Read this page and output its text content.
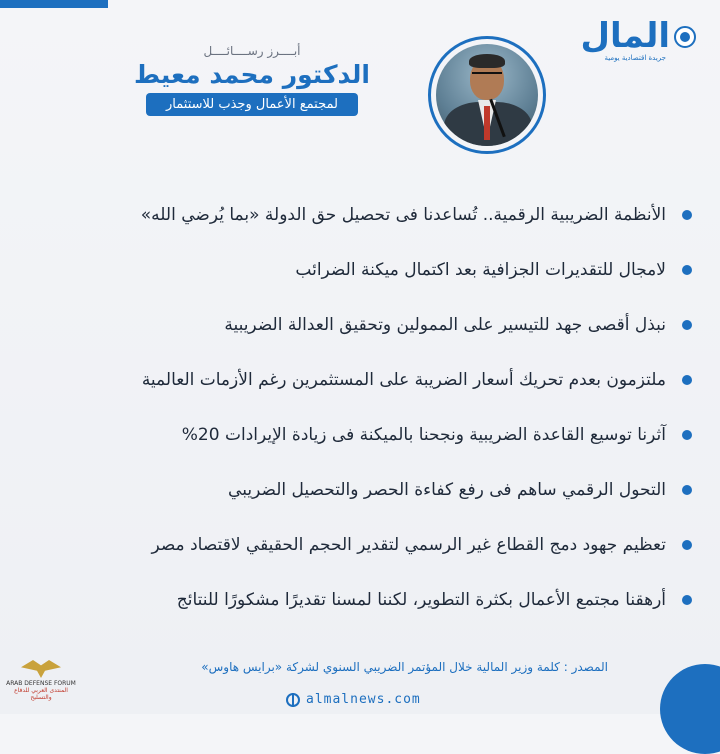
المال
جريدة اقتصادية يومية
أبــــرز رســــائــــل
الدكتور محمد معيط
لمجتمع الأعمال وجذب للاستثمار
الأنظمة الضريبية الرقمية.. تُساعدنا فى تحصيل حق الدولة «بما يُرضي الله»
لامجال للتقديرات الجزافية بعد اكتمال ميكنة الضرائب
نبذل أقصى جهد للتيسير على الممولين وتحقيق العدالة الضريبية
ملتزمون بعدم تحريك أسعار الضريبة على المستثمرين رغم الأزمات العالمية
آثرنا توسيع القاعدة الضريبية ونجحنا بالميكنة فى زيادة الإيرادات 20%
التحول الرقمي ساهم فى رفع كفاءة الحصر والتحصيل الضريبي
تعظيم جهود دمج القطاع غير الرسمي لتقدير الحجم الحقيقي لاقتصاد مصر
أرهقنا مجتمع الأعمال بكثرة التطوير، لكننا لمسنا تقديرًا مشكورًا للنتائج
المصدر : كلمة وزير المالية خلال المؤتمر الضريبي السنوي لشركة «برايس هاوس»
almalnews.com
ARAB DEFENSE FORUM
المنتدى العربي للدفاع والتسليح
